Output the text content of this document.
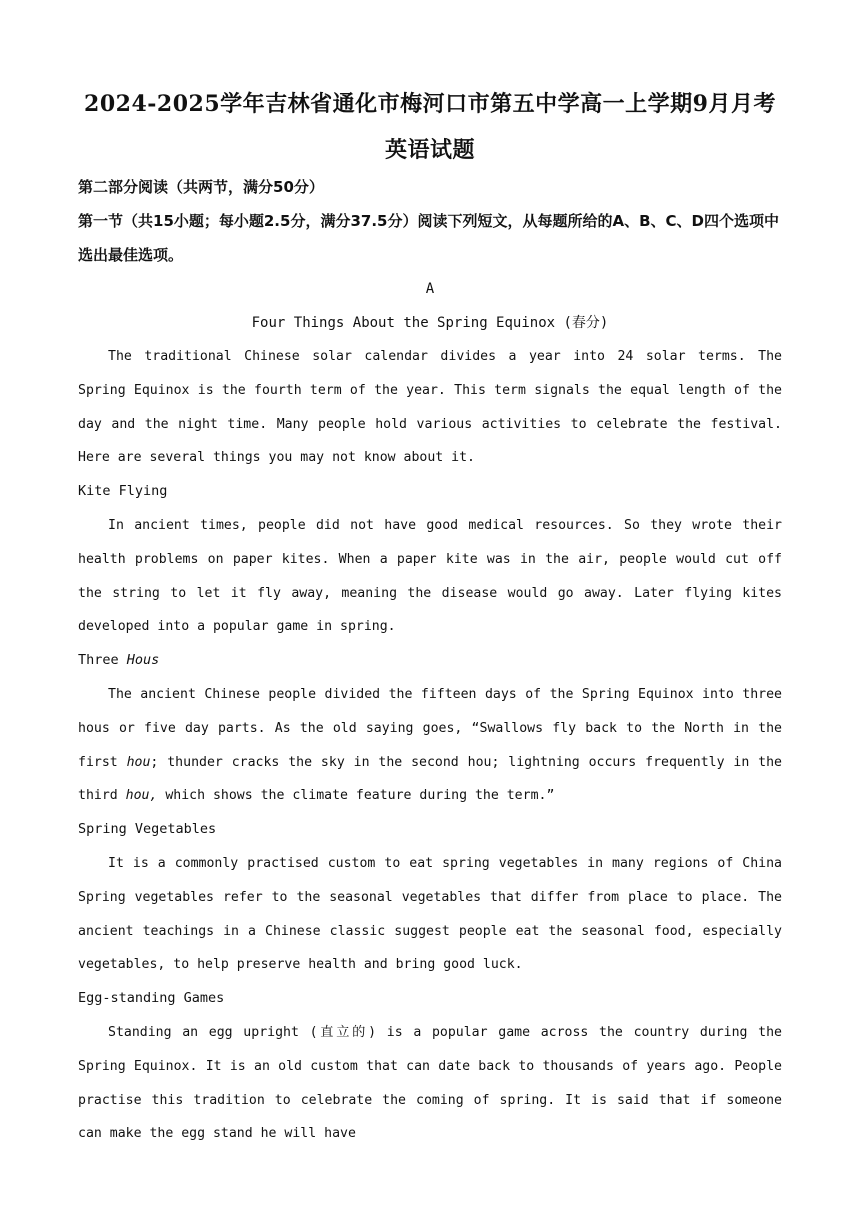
2024-2025学年吉林省通化市梅河口市第五中学高一上学期9月月考

英语试题

第二部分阅读（共两节，满分50分）

第一节（共15小题；每小题2.5分，满分37.5分）阅读下列短文，从每题所给的A、B、C、D四个选项中选出最佳选项。

A

Four Things About the Spring Equinox (春分)

The traditional Chinese solar calendar divides a year into 24 solar terms. The Spring Equinox is the fourth term of the year. This term signals the equal length of the day and the night time. Many people hold various activities to celebrate the festival. Here are several things you may not know about it.

Kite Flying

In ancient times, people did not have good medical resources. So they wrote their health problems on paper kites. When a paper kite was in the air, people would cut off the string to let it fly away, meaning the disease would go away. Later flying kites developed into a popular game in spring.

Three Hous

The ancient Chinese people divided the fifteen days of the Spring Equinox into three hous or five day parts. As the old saying goes, “Swallows fly back to the North in the first hou; thunder cracks the sky in the second hou; lightning occurs frequently in the third hou, which shows the climate feature during the term.”

Spring Vegetables

It is a commonly practised custom to eat spring vegetables in many regions of China Spring vegetables refer to the seasonal vegetables that differ from place to place. The ancient teachings in a Chinese classic suggest people eat the seasonal food, especially vegetables, to help preserve health and bring good luck.

Egg-standing Games

Standing an egg upright (直立的) is a popular game across the country during the Spring Equinox. It is an old custom that can date back to thousands of years ago. People practise this tradition to celebrate the coming of spring. It is said that if someone can make the egg stand he will have
